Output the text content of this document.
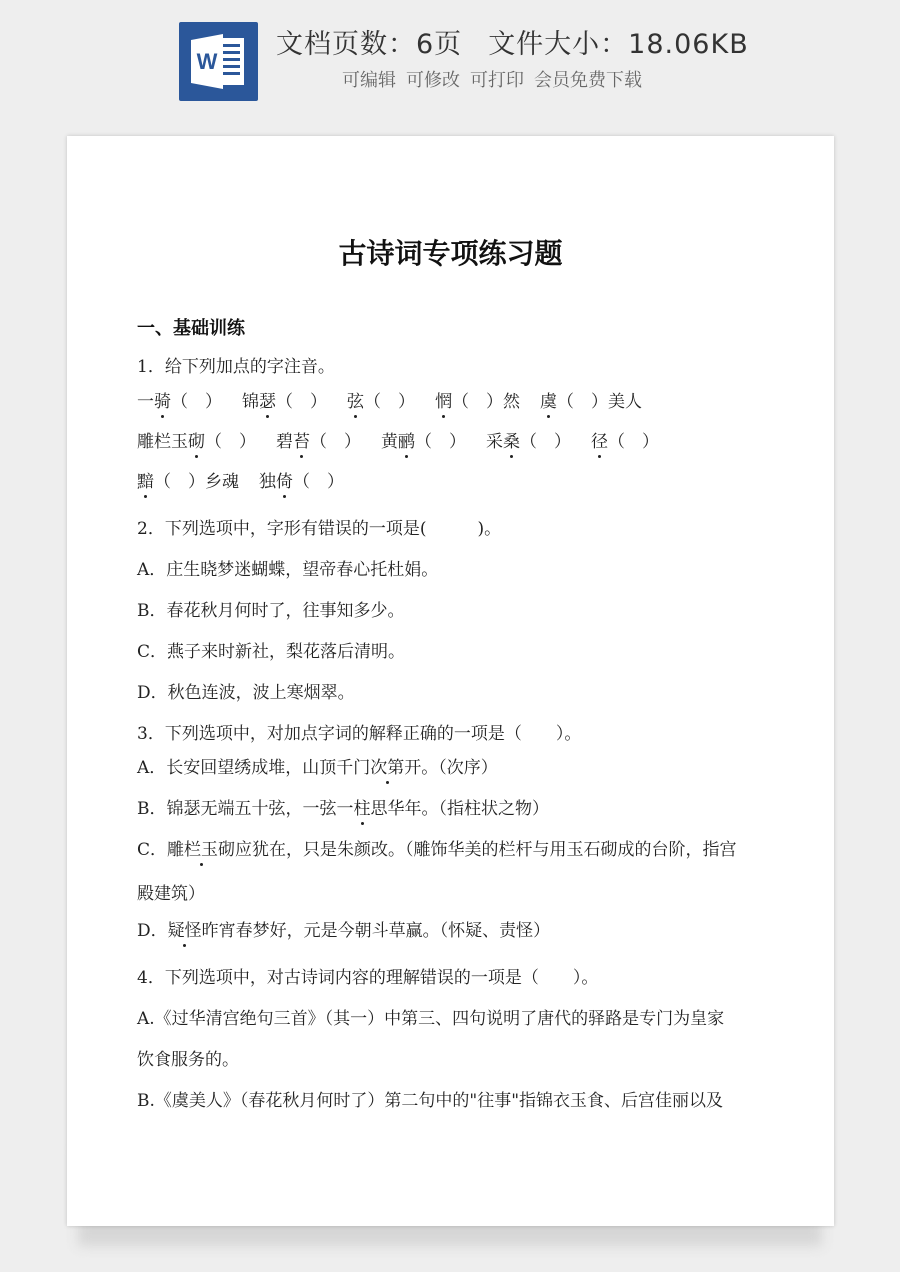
W
文档页数：6页 文件大小：18.06KB
可编辑 可修改 可打印 会员免费下载
古诗词专项练习题
一、基础训练
1．给下列加点的字注音。
一骑（　） 锦瑟（　） 弦（　） 惘（　）然 虞（　）美人
雕栏玉砌（　） 碧苔（　） 黄鹂（　） 采桑（　） 径（　）
黯（　）乡魂 独倚（　）
2．下列选项中，字形有错误的一项是(　　　)。
A．庄生晓梦迷蝴蝶，望帝春心托杜娟。
B．春花秋月何时了，往事知多少。
C．燕子来时新社，梨花落后清明。
D．秋色连波，波上寒烟翠。
3．下列选项中，对加点字词的解释正确的一项是（　　）。
A．长安回望绣成堆，山顶千门次第开。（次序）
B．锦瑟无端五十弦，一弦一柱思华年。（指柱状之物）
C．雕栏玉砌应犹在，只是朱颜改。（雕饰华美的栏杆与用玉石砌成的台阶，指宫
殿建筑）
D．疑怪昨宵春梦好，元是今朝斗草赢。（怀疑、责怪）
4．下列选项中，对古诗词内容的理解错误的一项是（　　）。
A.《过华清宫绝句三首》（其一）中第三、四句说明了唐代的驿路是专门为皇家
饮食服务的。
B.《虞美人》（春花秋月何时了）第二句中的"往事"指锦衣玉食、后宫佳丽以及
